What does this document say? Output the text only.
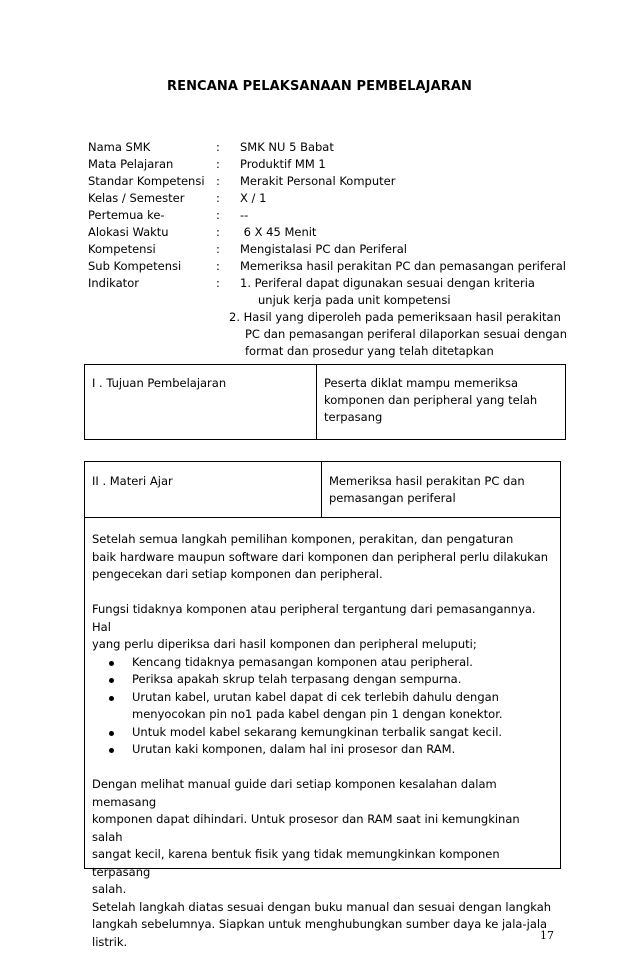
RENCANA PELAKSANAAN PEMBELAJARAN
Nama SMK	: SMK NU 5 Babat
Mata Pelajaran	: Produktif MM 1
Standar Kompetensi : Merakit Personal Komputer
Kelas / Semester	: X / 1
Pertemua ke-	: --
Alokasi Waktu	: 6 X 45 Menit
Kompetensi	: Mengistalasi PC dan Periferal
Sub Kompetensi	: Memeriksa hasil perakitan PC dan pemasangan periferal
Indikator	: 1. Periferal dapat digunakan sesuai dengan kriteria
unjuk kerja pada unit kompetensi
2. Hasil yang diperoleh pada pemeriksaan hasil perakitan
PC dan pemasangan periferal dilaporkan sesuai dengan
format dan prosedur yang telah ditetapkan
I . Tujuan Pembelajaran	Peserta diklat mampu memeriksa
komponen dan peripheral yang telah
terpasang
II . Materi Ajar	Memeriksa hasil perakitan PC dan
pemasangan periferal

Setelah semua langkah pemilihan komponen, perakitan, dan pengaturan
baik hardware maupun software dari komponen dan peripheral perlu dilakukan
pengecekan dari setiap komponen dan peripheral.

Fungsi tidaknya komponen atau peripheral tergantung dari pemasangannya. Hal
yang perlu diperiksa dari hasil komponen dan peripheral meluputi;

Kencang tidaknya pemasangan komponen atau peripheral.
Periksa apakah skrup telah terpasang dengan sempurna.
Urutan kabel, urutan kabel dapat di cek terlebih dahulu dengan
menyocokan pin no1 pada kabel dengan pin 1 dengan konektor.
Untuk model kabel sekarang kemungkinan terbalik sangat kecil.
Urutan kaki komponen, dalam hal ini prosesor dan RAM.

Dengan melihat manual guide dari setiap komponen kesalahan dalam memasang
komponen dapat dihindari. Untuk prosesor dan RAM saat ini kemungkinan salah
sangat kecil, karena bentuk fisik yang tidak memungkinkan komponen terpasang
salah.
Setelah langkah diatas sesuai dengan buku manual dan sesuai dengan langkah
langkah sebelumnya. Siapkan untuk menghubungkan sumber daya ke jala-jala
listrik.	17
